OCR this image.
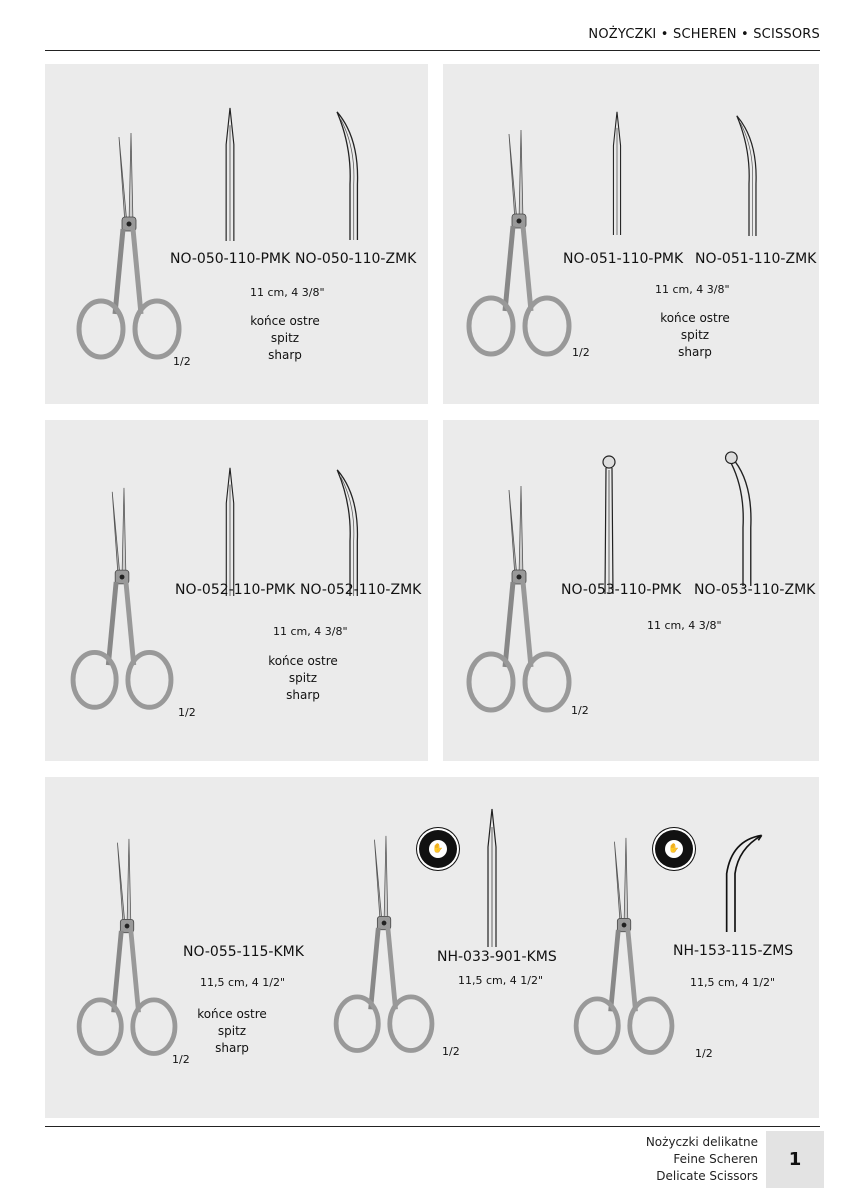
NOŻYCZKI • SCHEREN • SCISSORS
NO-050-110-PMK NO-050-110-ZMK
11 cm, 4 3/8"
końce ostre
spitz
sharp
1/2
NO-051-110-PMK NO-051-110-ZMK
11 cm, 4 3/8"
końce ostre
spitz
sharp
1/2
NO-052-110-PMK NO-052-110-ZMK
11 cm, 4 3/8"
końce ostre
spitz
sharp
1/2
NO-053-110-PMK NO-053-110-ZMK
11 cm, 4 3/8"
1/2
NO-055-115-KMK
11,5 cm, 4 1/2"
końce ostre
spitz
sharp
1/2
✋
NH-033-901-KMS
11,5 cm, 4 1/2"
1/2
✋
NH-153-115-ZMS
11,5 cm, 4 1/2"
1/2
Nożyczki delikatne
Feine Scheren
Delicate Scissors
1
